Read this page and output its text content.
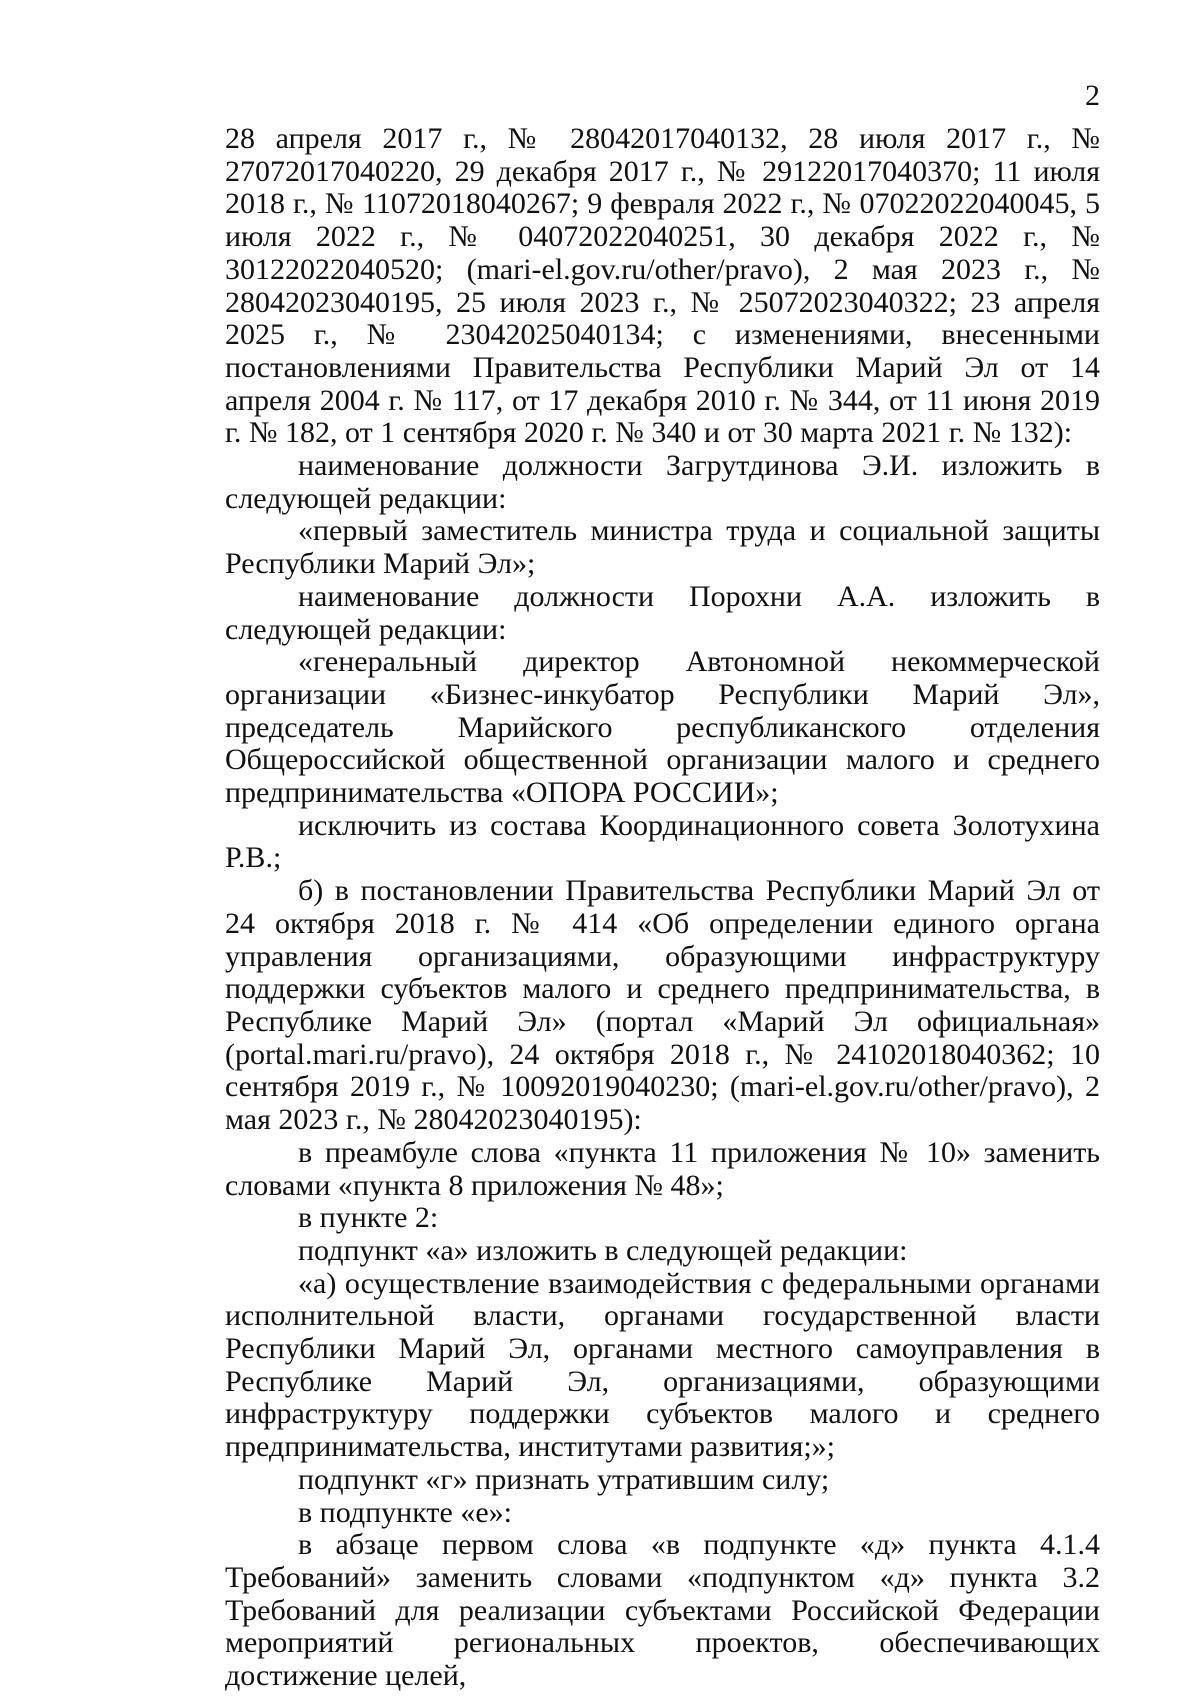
2

28 апреля 2017 г., № 28042017040132, 28 июля 2017 г., № 27072017040220, 29 декабря 2017 г., № 29122017040370; 11 июля 2018 г., № 11072018040267; 9 февраля 2022 г., № 07022022040045, 5 июля 2022 г., № 04072022040251, 30 декабря 2022 г., № 30122022040520; (mari-el.gov.ru/other/pravo), 2 мая 2023 г., № 28042023040195, 25 июля 2023 г., № 25072023040322; 23 апреля 2025 г., № 23042025040134; с изменениями, внесенными постановлениями Правительства Республики Марий Эл от 14 апреля 2004 г. № 117, от 17 декабря 2010 г. № 344, от 11 июня 2019 г. № 182, от 1 сентября 2020 г. № 340 и от 30 марта 2021 г. № 132):

наименование должности Загрутдинова Э.И. изложить в следующей редакции:

«первый заместитель министра труда и социальной защиты Республики Марий Эл»;

наименование должности Порохни А.А. изложить в следующей редакции:

«генеральный директор Автономной некоммерческой организации «Бизнес-инкубатор Республики Марий Эл», председатель Марийского республиканского отделения Общероссийской общественной организации малого и среднего предпринимательства «ОПОРА РОССИИ»;

исключить из состава Координационного совета Золотухина Р.В.;

б) в постановлении Правительства Республики Марий Эл от 24 октября 2018 г. № 414 «Об определении единого органа управления организациями, образующими инфраструктуру поддержки субъектов малого и среднего предпринимательства, в Республике Марий Эл» (портал «Марий Эл официальная» (portal.mari.ru/pravo), 24 октября 2018 г., № 24102018040362; 10 сентября 2019 г., № 10092019040230; (mari-el.gov.ru/other/pravo), 2 мая 2023 г., № 28042023040195):

в преамбуле слова «пункта 11 приложения № 10» заменить словами «пункта 8 приложения № 48»;

в пункте 2:

подпункт «а» изложить в следующей редакции:

«а) осуществление взаимодействия с федеральными органами исполнительной власти, органами государственной власти Республики Марий Эл, органами местного самоуправления в Республике Марий Эл, организациями, образующими инфраструктуру поддержки субъектов малого и среднего предпринимательства, институтами развития;»;

подпункт «г» признать утратившим силу;

в подпункте «е»:

в абзаце первом слова «в подпункте «д» пункта 4.1.4 Требований» заменить словами «подпунктом «д» пункта 3.2 Требований для реализации субъектами Российской Федерации мероприятий региональных проектов, обеспечивающих достижение целей,
